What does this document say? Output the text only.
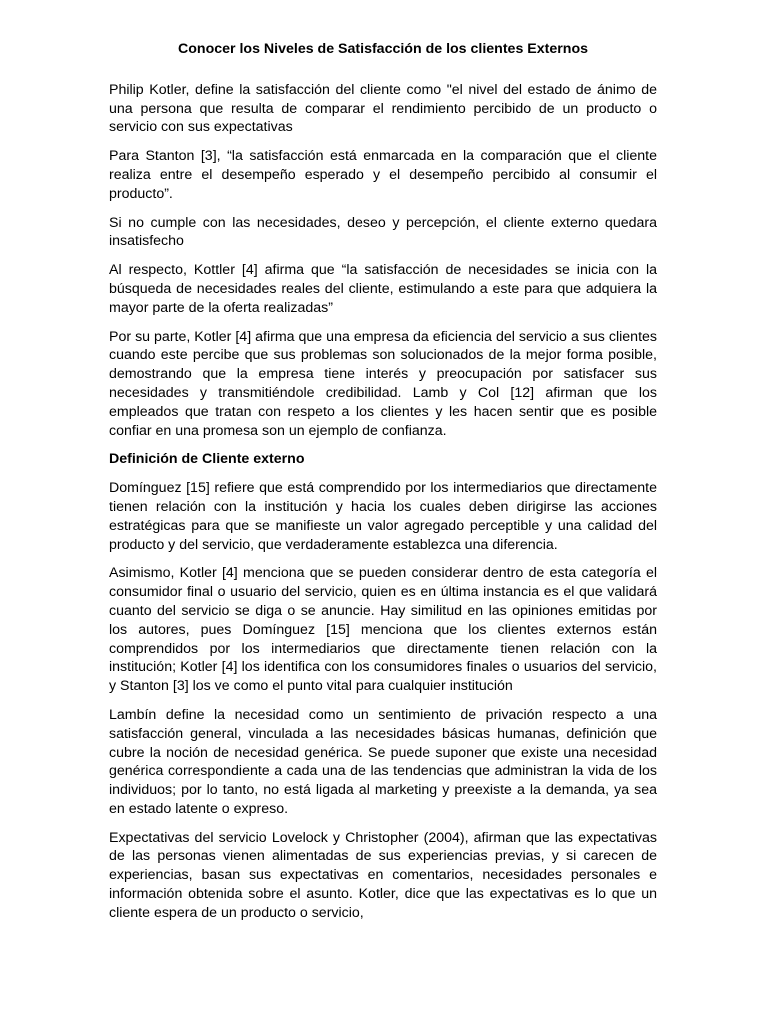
Conocer los Niveles de Satisfacción de los clientes Externos

Philip Kotler, define la satisfacción del cliente como "el nivel del estado de ánimo de una persona que resulta de comparar el rendimiento percibido de un producto o servicio con sus expectativas

Para Stanton [3], “la satisfacción está enmarcada en la comparación que el cliente realiza entre el desempeño esperado y el desempeño percibido al consumir el producto”.

Si no cumple con las necesidades, deseo y percepción, el cliente externo quedara insatisfecho

Al respecto, Kottler [4] afirma que “la satisfacción de necesidades se inicia con la búsqueda de necesidades reales del cliente, estimulando a este para que adquiera la mayor parte de la oferta realizadas”

Por su parte, Kotler [4] afirma que una empresa da eficiencia del servicio a sus clientes cuando este percibe que sus problemas son solucionados de la mejor forma posible, demostrando que la empresa tiene interés y preocupación por satisfacer sus necesidades y transmitiéndole credibilidad. Lamb y Col [12] afirman que los empleados que tratan con respeto a los clientes y les hacen sentir que es posible confiar en una promesa son un ejemplo de confianza.

Definición de Cliente externo

Domínguez [15] refiere que está comprendido por los intermediarios que directamente tienen relación con la institución y hacia los cuales deben dirigirse las acciones estratégicas para que se manifieste un valor agregado perceptible y una calidad del producto y del servicio, que verdaderamente establezca una diferencia.

Asimismo, Kotler [4] menciona que se pueden considerar dentro de esta categoría el consumidor final o usuario del servicio, quien es en última instancia es el que validará cuanto del servicio se diga o se anuncie. Hay similitud en las opiniones emitidas por los autores, pues Domínguez [15] menciona que los clientes externos están comprendidos por los intermediarios que directamente tienen relación con la institución; Kotler [4] los identifica con los consumidores finales o usuarios del servicio, y Stanton [3] los ve como el punto vital para cualquier institución

Lambín define la necesidad como un sentimiento de privación respecto a una satisfacción general, vinculada a las necesidades básicas humanas, definición que cubre la noción de necesidad genérica. Se puede suponer que existe una necesidad genérica correspondiente a cada una de las tendencias que administran la vida de los individuos; por lo tanto, no está ligada al marketing y preexiste a la demanda, ya sea en estado latente o expreso.

Expectativas del servicio Lovelock y Christopher (2004), afirman que las expectativas de las personas vienen alimentadas de sus experiencias previas, y si carecen de experiencias, basan sus expectativas en comentarios, necesidades personales e información obtenida sobre el asunto. Kotler, dice que las expectativas es lo que un cliente espera de un producto o servicio,
